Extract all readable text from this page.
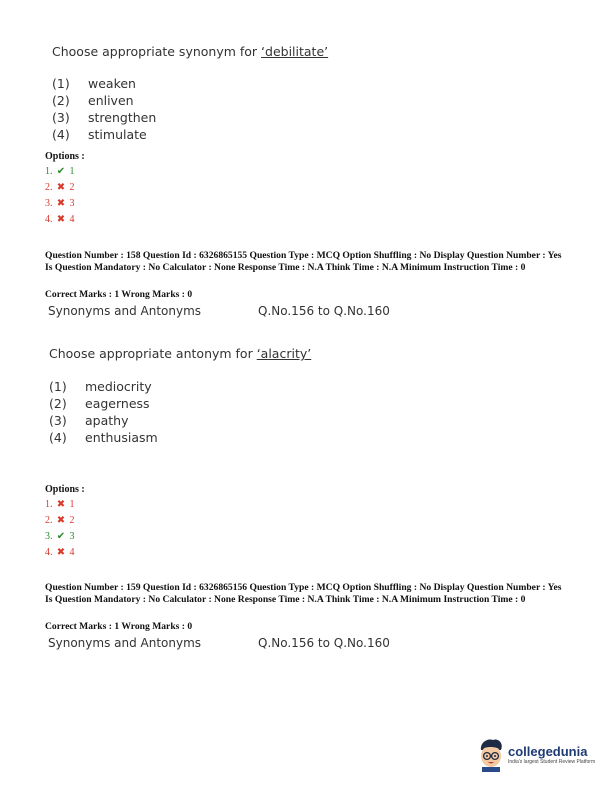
Choose appropriate synonym for ‘debilitate’
(1) weaken
(2) enliven
(3) strengthen
(4) stimulate
Options :
1. ✔ 1
2. ✖ 2
3. ✖ 3
4. ✖ 4
Question Number : 158 Question Id : 6326865155 Question Type : MCQ Option Shuffling : No Display Question Number : Yes Is Question Mandatory : No Calculator : None Response Time : N.A Think Time : N.A Minimum Instruction Time : 0
Correct Marks : 1 Wrong Marks : 0
Synonyms and Antonyms	Q.No.156 to Q.No.160
Choose appropriate antonym for ‘alacrity’
(1) mediocrity
(2) eagerness
(3) apathy
(4) enthusiasm
Options :
1. ✖ 1
2. ✖ 2
3. ✔ 3
4. ✖ 4
Question Number : 159 Question Id : 6326865156 Question Type : MCQ Option Shuffling : No Display Question Number : Yes Is Question Mandatory : No Calculator : None Response Time : N.A Think Time : N.A Minimum Instruction Time : 0
Correct Marks : 1 Wrong Marks : 0
Synonyms and Antonyms	Q.No.156 to Q.No.160
collegedunia
India's largest Student Review Platform
